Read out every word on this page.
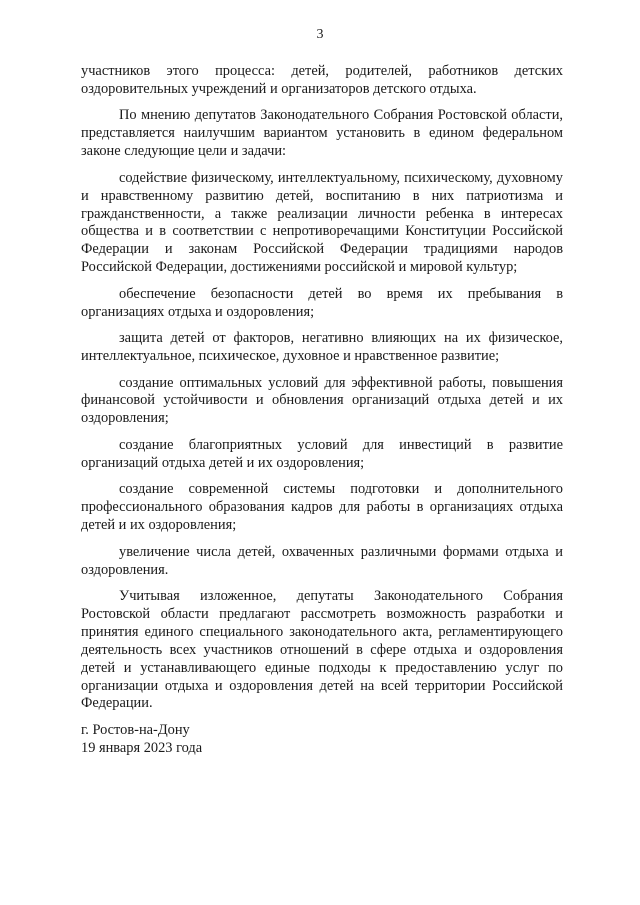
3

участников этого процесса: детей, родителей, работников детских оздоровительных учреждений и организаторов детского отдыха.

По мнению депутатов Законодательного Собрания Ростовской области, представляется наилучшим вариантом установить в едином федеральном законе следующие цели и задачи:

содействие физическому, интеллектуальному, психическому, духовному и нравственному развитию детей, воспитанию в них патриотизма и гражданственности, а также реализации личности ребенка в интересах общества и в соответствии с непротиворечащими Конституции Российской Федерации и законам Российской Федерации традициями народов Российской Федерации, достижениями российской и мировой культур;

обеспечение безопасности детей во время их пребывания в организациях отдыха и оздоровления;

защита детей от факторов, негативно влияющих на их физическое, интеллектуальное, психическое, духовное и нравственное развитие;

создание оптимальных условий для эффективной работы, повышения финансовой устойчивости и обновления организаций отдыха детей и их оздоровления;

создание благоприятных условий для инвестиций в развитие организаций отдыха детей и их оздоровления;

создание современной системы подготовки и дополнительного профессионального образования кадров для работы в организациях отдыха детей и их оздоровления;

увеличение числа детей, охваченных различными формами отдыха и оздоровления.

Учитывая изложенное, депутаты Законодательного Собрания Ростовской области предлагают рассмотреть возможность разработки и принятия единого специального законодательного акта, регламентирующего деятельность всех участников отношений в сфере отдыха и оздоровления детей и устанавливающего единые подходы к предоставлению услуг по организации отдыха и оздоровления детей на всей территории Российской Федерации.

г. Ростов-на-Дону
19 января 2023 года
